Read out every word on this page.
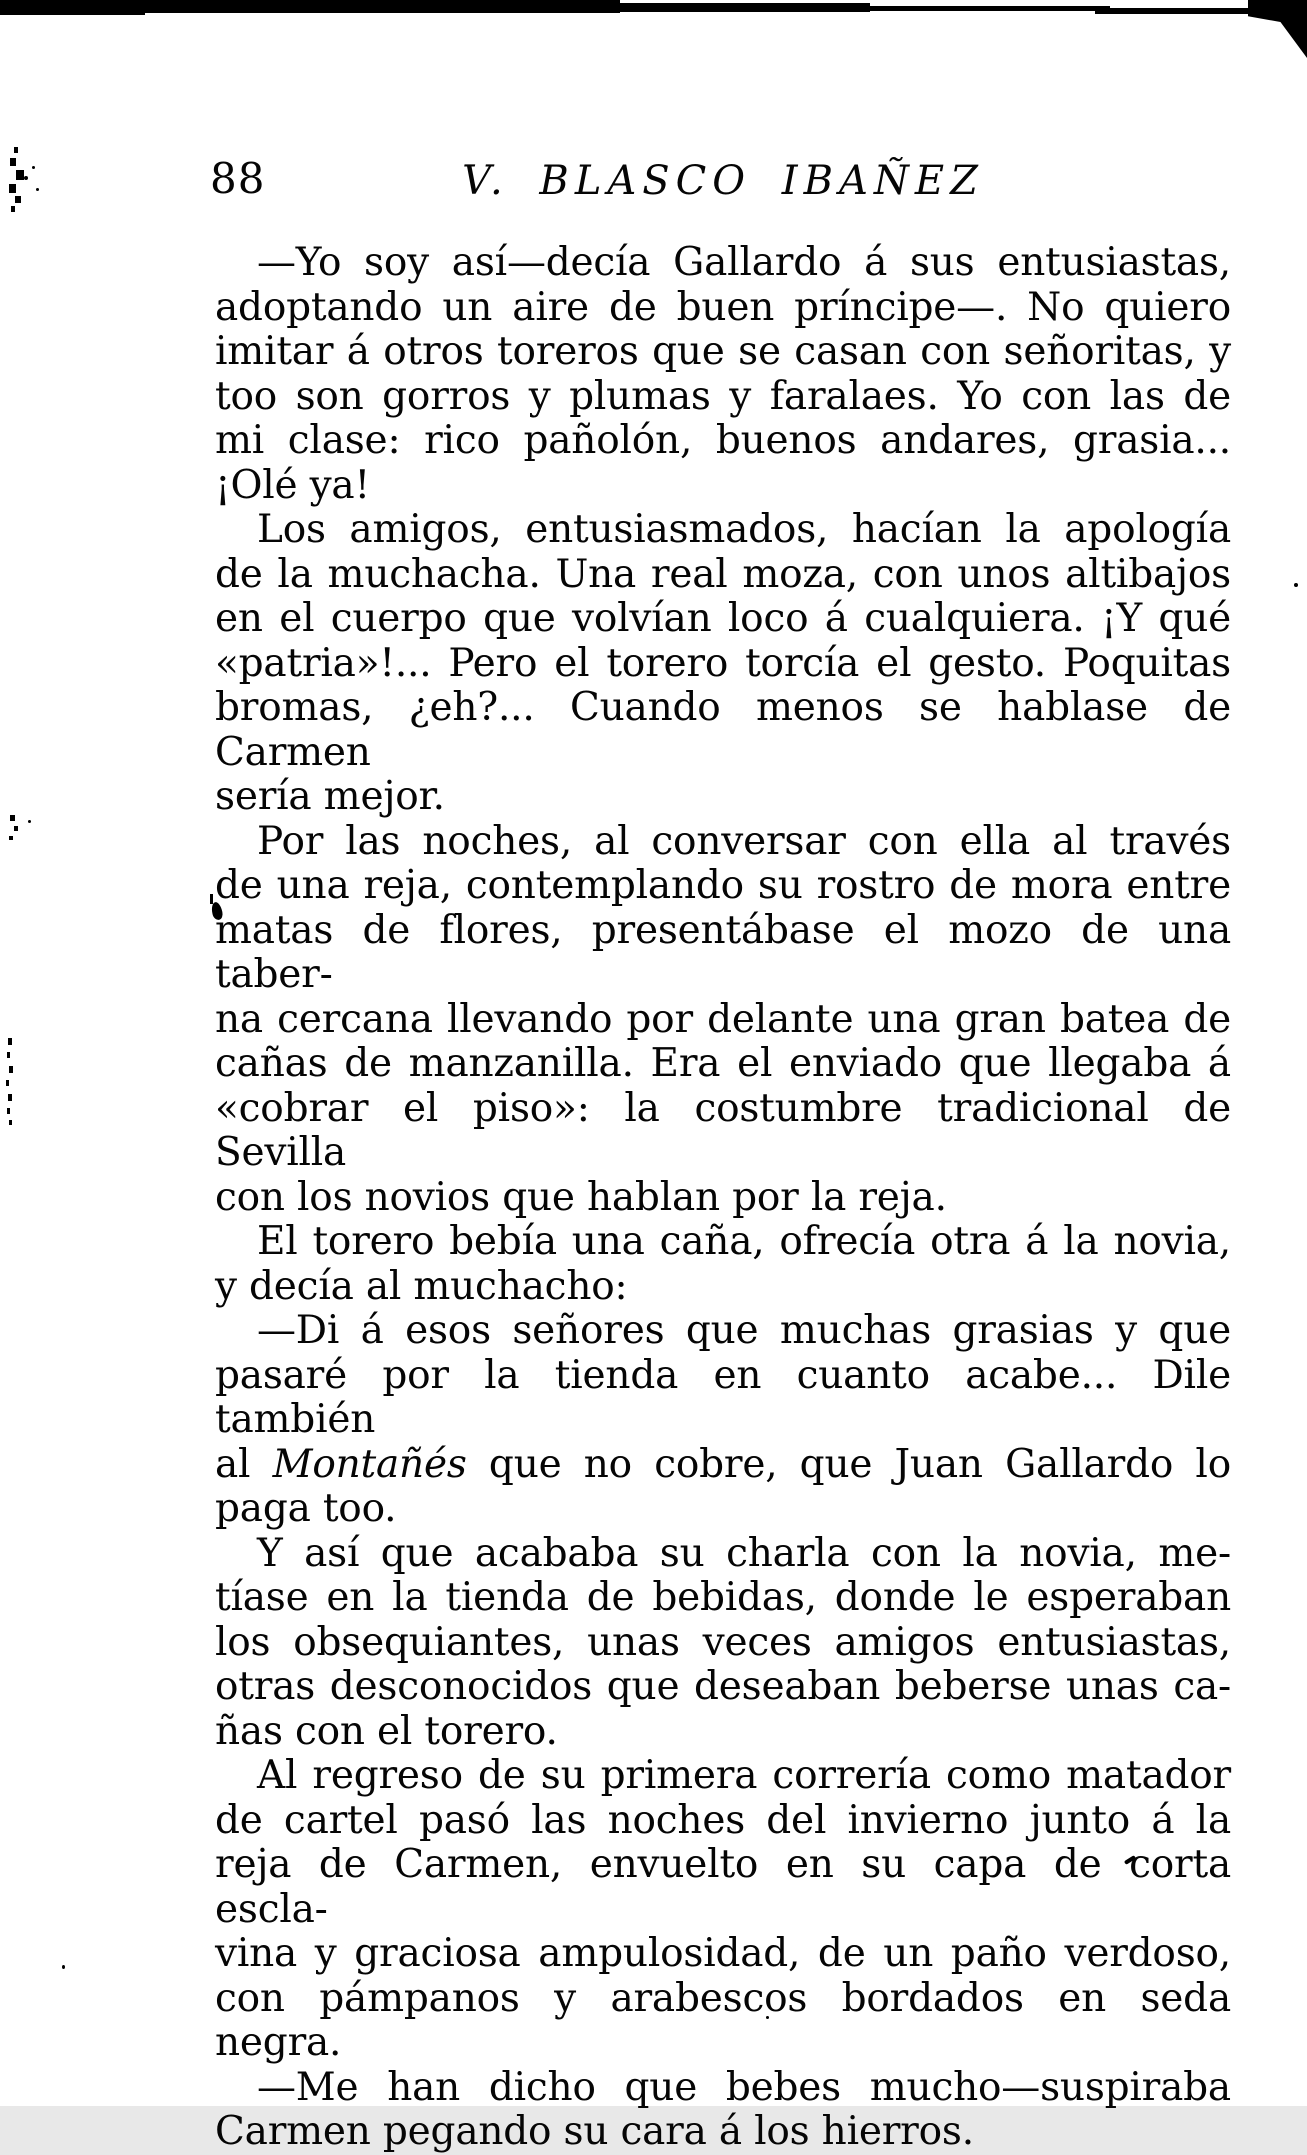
88	V. BLASCO IBAÑEZ
—Yo soy así—decía Gallardo á sus entusiastas,
adoptando un aire de buen príncipe—. No quiero
imitar á otros toreros que se casan con señoritas, y
too son gorros y plumas y faralaes. Yo con las de
mi clase: rico pañolón, buenos andares, grasia...
¡Olé ya!
Los amigos, entusiasmados, hacían la apología
de la muchacha. Una real moza, con unos altibajos
en el cuerpo que volvían loco á cualquiera. ¡Y qué
«patria»!... Pero el torero torcía el gesto. Poquitas
bromas, ¿eh?... Cuando menos se hablase de Carmen
sería mejor.
Por las noches, al conversar con ella al través
de una reja, contemplando su rostro de mora entre
matas de flores, presentábase el mozo de una taber-
na cercana llevando por delante una gran batea de
cañas de manzanilla. Era el enviado que llegaba á
«cobrar el piso»: la costumbre tradicional de Sevilla
con los novios que hablan por la reja.
El torero bebía una caña, ofrecía otra á la novia,
y decía al muchacho:
—Di á esos señores que muchas grasias y que
pasaré por la tienda en cuanto acabe... Dile también
al Montañés que no cobre, que Juan Gallardo lo
paga too.
Y así que acababa su charla con la novia, me-
tíase en la tienda de bebidas, donde le esperaban
los obsequiantes, unas veces amigos entusiastas,
otras desconocidos que deseaban beberse unas ca-
ñas con el torero.
Al regreso de su primera correría como matador
de cartel pasó las noches del invierno junto á la
reja de Carmen, envuelto en su capa de corta escla-
vina y graciosa ampulosidad, de un paño verdoso,
con pámpanos y arabescos bordados en seda negra.
—Me han dicho que bebes mucho—suspiraba
Carmen pegando su cara á los hierros.
